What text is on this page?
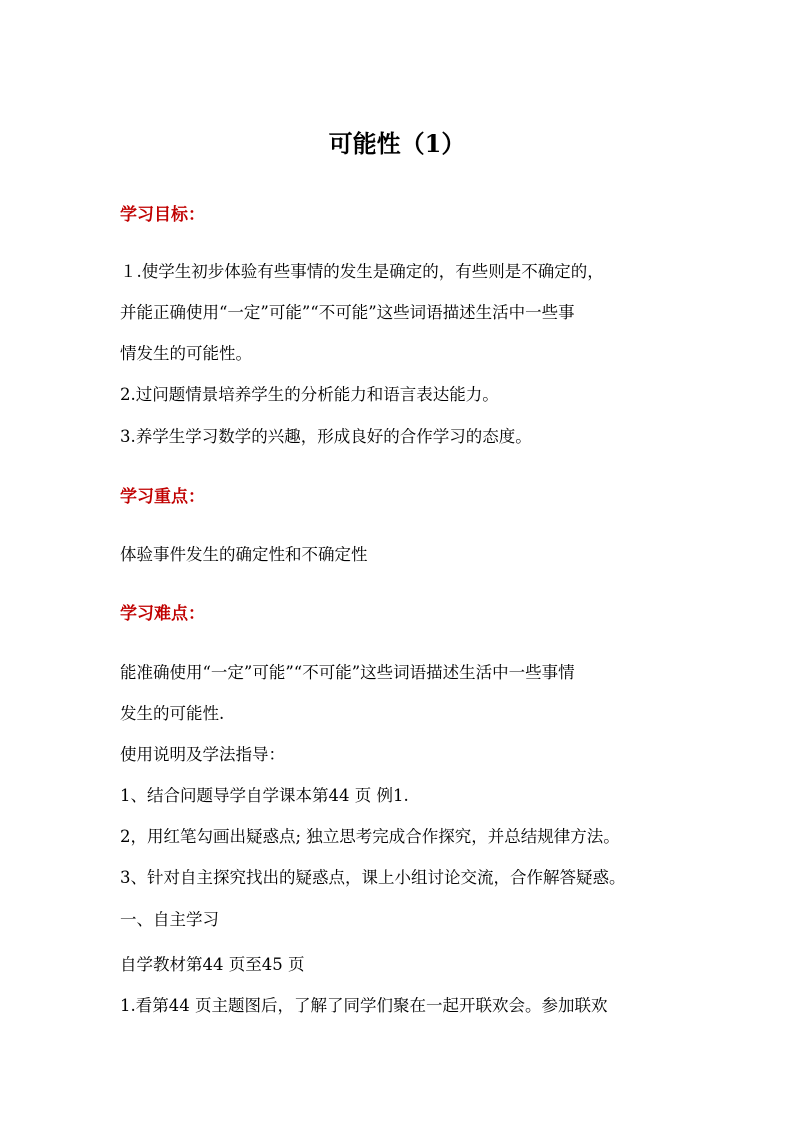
可能性（1）
学习目标：
１.使学生初步体验有些事情的发生是确定的，有些则是不确定的，
并能正确使用“一定”可能”“不可能”这些词语描述生活中一些事
情发生的可能性。
2.过问题情景培养学生的分析能力和语言表达能力。
3.养学生学习数学的兴趣，形成良好的合作学习的态度。
学习重点：
体验事件发生的确定性和不确定性
学习难点：
能准确使用“一定”可能”“不可能”这些词语描述生活中一些事情
发生的可能性.
使用说明及学法指导：
1、结合问题导学自学课本第44 页 例1.
2，用红笔勾画出疑惑点; 独立思考完成合作探究，并总结规律方法。
3、针对自主探究找出的疑惑点，课上小组讨论交流，合作解答疑惑。
一、自主学习
自学教材第44 页至45 页
1.看第44 页主题图后，了解了同学们聚在一起开联欢会。参加联欢
